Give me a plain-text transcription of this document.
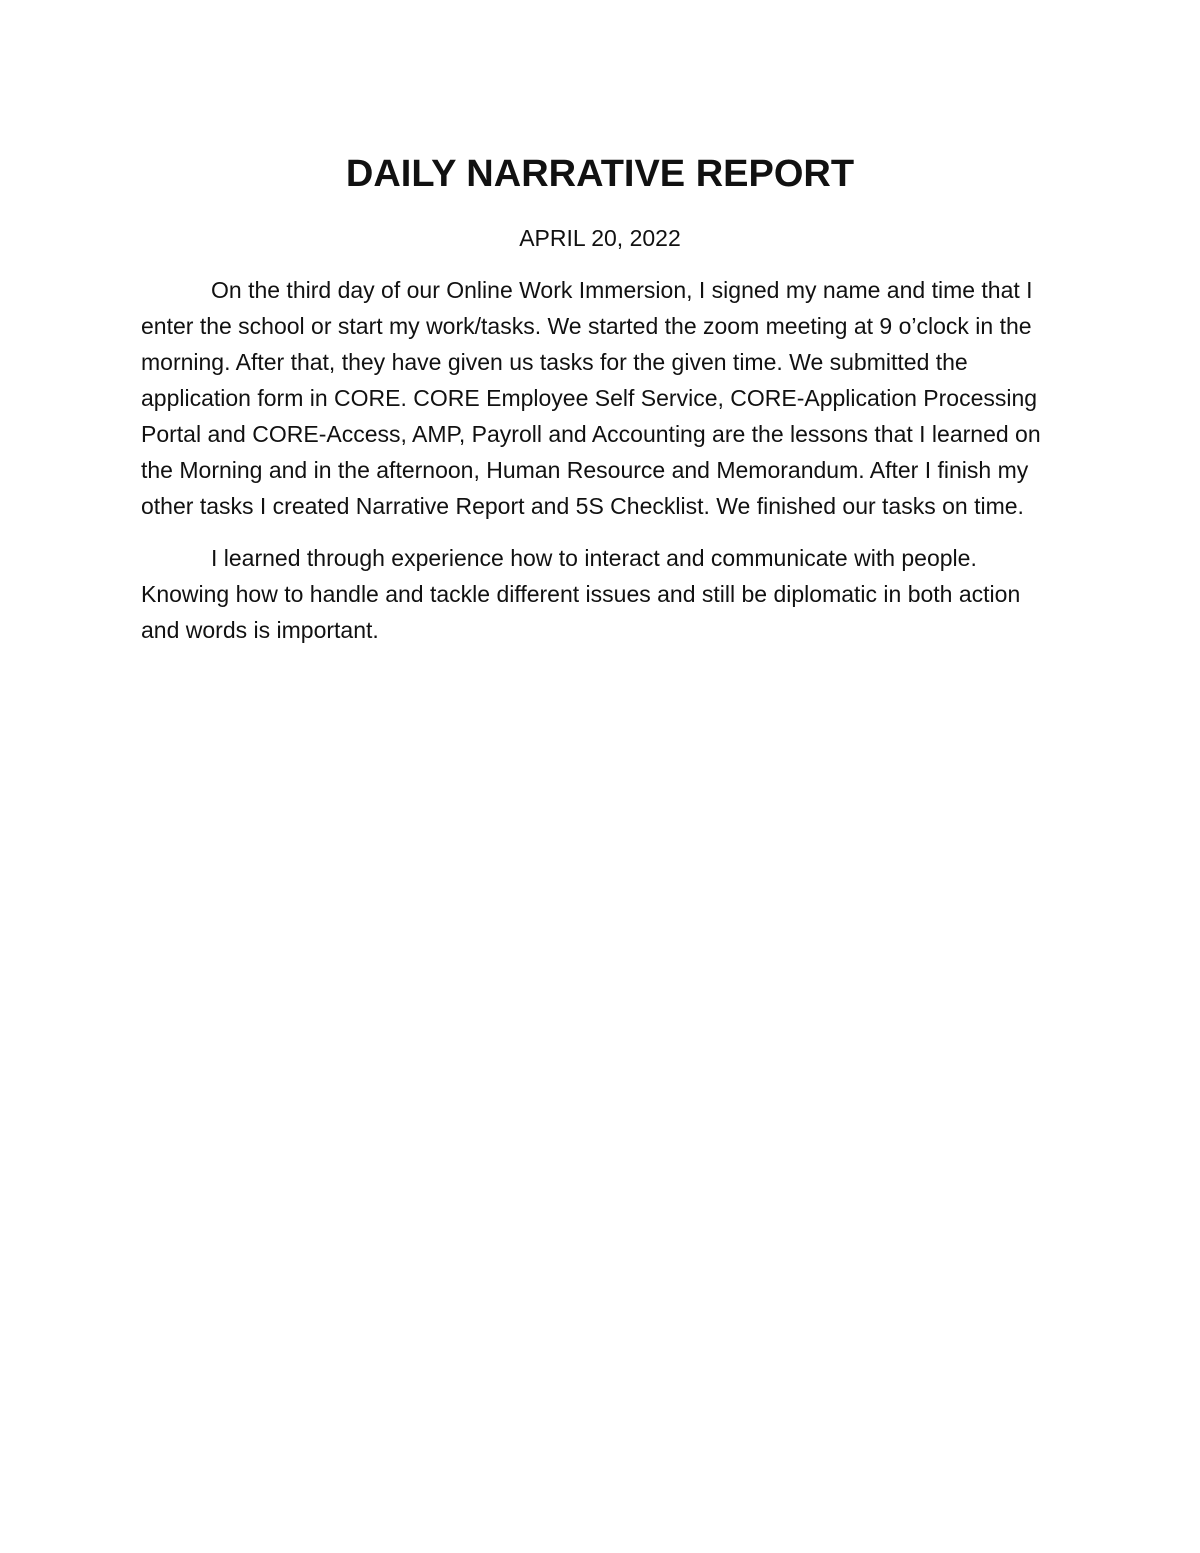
DAILY NARRATIVE REPORT
APRIL 20, 2022

On the third day of our Online Work Immersion, I signed my name and time that I enter the school or start my work/tasks. We started the zoom meeting at 9 o’clock in the morning. After that, they have given us tasks for the given time. We submitted the application form in CORE. CORE Employee Self Service, CORE-Application Processing Portal and CORE-Access, AMP, Payroll and Accounting are the lessons that I learned on the Morning and in the afternoon, Human Resource and Memorandum. After I finish my other tasks I created Narrative Report and 5S Checklist. We finished our tasks on time.

I learned through experience how to interact and communicate with people. Knowing how to handle and tackle different issues and still be diplomatic in both action and words is important.
